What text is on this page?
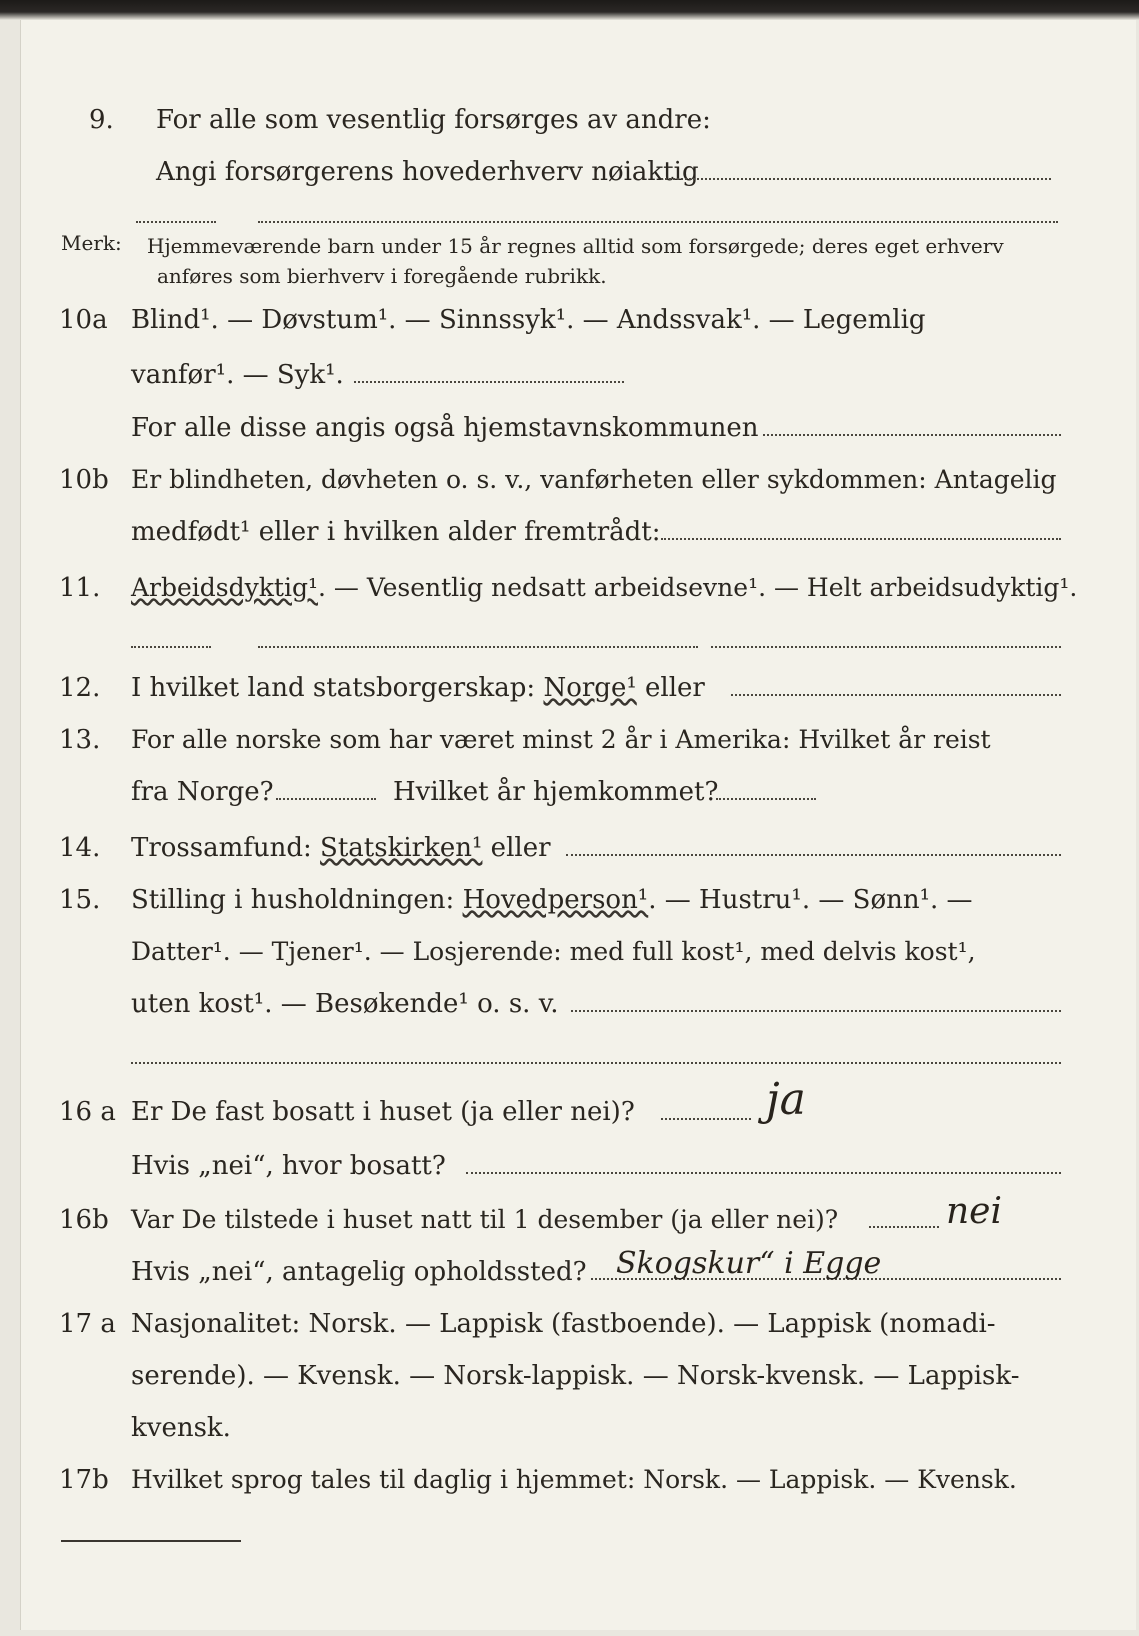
9.	For alle som vesentlig forsørges av andre:
Angi forsørgerens hovederhverv nøiaktig
Merk: Hjemmeværende barn under 15 år regnes alltid som forsørgede; deres eget erhverv
anføres som bierhverv i foregående rubrikk.
10a Blind¹. — Døvstum¹. — Sinnssyk¹. — Andssvak¹. — Legemlig
vanfør¹. — Syk¹.
For alle disse angis også hjemstavnskommunen
10b Er blindheten, døvheten o. s. v., vanførheten eller sykdommen: Antagelig
medfødt¹ eller i hvilken alder fremtrådt:
11.	Arbeidsdyktig¹. — Vesentlig nedsatt arbeidsevne¹. — Helt arbeidsudyktig¹.
12.	I hvilket land statsborgerskap: Norge¹ eller
13.	For alle norske som har været minst 2 år i Amerika: Hvilket år reist
fra Norge?	Hvilket år hjemkommet?
14.	Trossamfund: Statskirken¹ eller
15.	Stilling i husholdningen: Hovedperson¹. — Hustru¹. — Sønn¹. —
Datter¹. — Tjener¹. — Losjerende: med full kost¹, med delvis kost¹,
uten kost¹. — Besøkende¹ o. s. v.
16 a Er De fast bosatt i huset (ja eller nei)?	ja
Hvis „nei“, hvor bosatt?
16b Var De tilstede i huset natt til 1 desember (ja eller nei)?	nei
Hvis „nei“, antagelig opholdssted? Skogskur“ i Egge
17 a Nasjonalitet: Norsk. — Lappisk (fastboende). — Lappisk (nomadi-
serende). — Kvensk. — Norsk-lappisk. — Norsk-kvensk. — Lappisk-
kvensk.
17b Hvilket sprog tales til daglig i hjemmet: Norsk. — Lappisk. — Kvensk.
